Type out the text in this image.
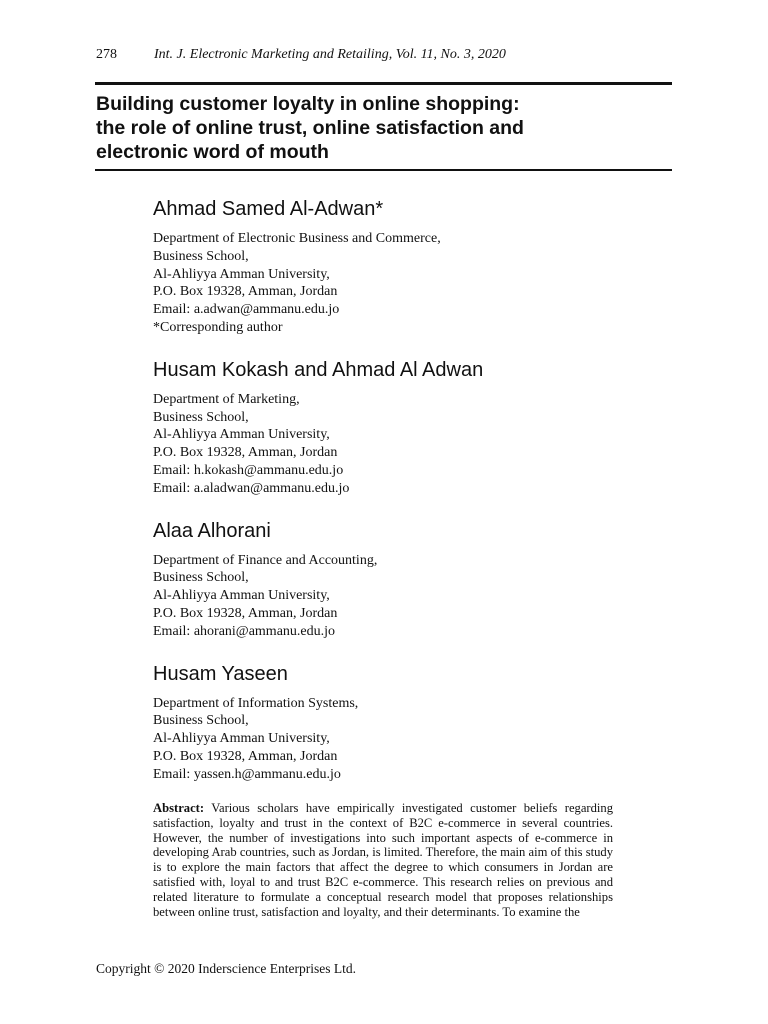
278	Int. J. Electronic Marketing and Retailing, Vol. 11, No. 3, 2020
Building customer loyalty in online shopping:
the role of online trust, online satisfaction and
electronic word of mouth
Ahmad Samed Al-Adwan*
Department of Electronic Business and Commerce,
Business School,
Al-Ahliyya Amman University,
P.O. Box 19328, Amman, Jordan
Email: a.adwan@ammanu.edu.jo
*Corresponding author
Husam Kokash and Ahmad Al Adwan
Department of Marketing,
Business School,
Al-Ahliyya Amman University,
P.O. Box 19328, Amman, Jordan
Email: h.kokash@ammanu.edu.jo
Email: a.aladwan@ammanu.edu.jo
Alaa Alhorani
Department of Finance and Accounting,
Business School,
Al-Ahliyya Amman University,
P.O. Box 19328, Amman, Jordan
Email: ahorani@ammanu.edu.jo
Husam Yaseen
Department of Information Systems,
Business School,
Al-Ahliyya Amman University,
P.O. Box 19328, Amman, Jordan
Email: yassen.h@ammanu.edu.jo

Abstract: Various scholars have empirically investigated customer beliefs regarding satisfaction, loyalty and trust in the context of B2C e-commerce in several countries. However, the number of investigations into such important aspects of e-commerce in developing Arab countries, such as Jordan, is limited. Therefore, the main aim of this study is to explore the main factors that affect the degree to which consumers in Jordan are satisfied with, loyal to and trust B2C e-commerce. This research relies on previous and related literature to formulate a conceptual research model that proposes relationships between online trust, satisfaction and loyalty, and their determinants. To examine the

Copyright © 2020 Inderscience Enterprises Ltd.
